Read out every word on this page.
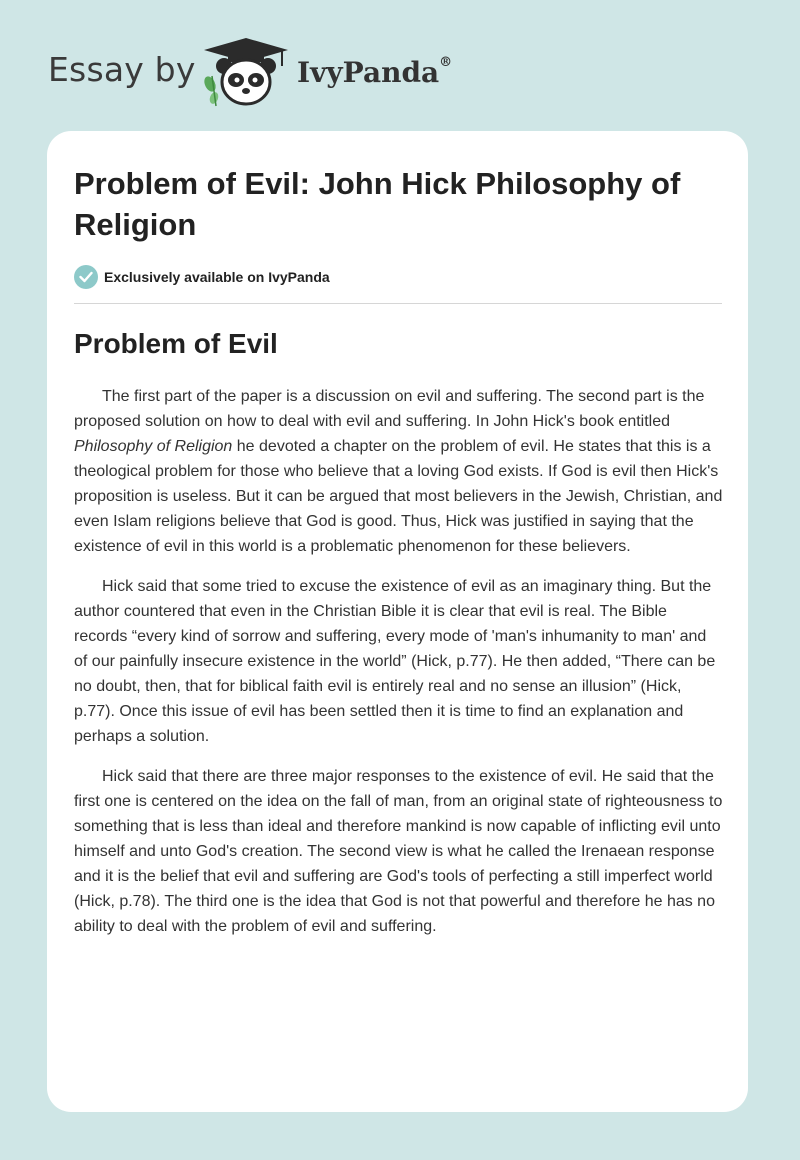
Essay by	IvyPanda®
Problem of Evil: John Hick Philosophy of Religion
Exclusively available on IvyPanda
Problem of Evil

The first part of the paper is a discussion on evil and suffering. The second part is the proposed solution on how to deal with evil and suffering. In John Hick's book entitled Philosophy of Religion he devoted a chapter on the problem of evil. He states that this is a theological problem for those who believe that a loving God exists. If God is evil then Hick's proposition is useless. But it can be argued that most believers in the Jewish, Christian, and even Islam religions believe that God is good. Thus, Hick was justified in saying that the existence of evil in this world is a problematic phenomenon for these believers.

Hick said that some tried to excuse the existence of evil as an imaginary thing. But the author countered that even in the Christian Bible it is clear that evil is real. The Bible records “every kind of sorrow and suffering, every mode of 'man's inhumanity to man' and of our painfully insecure existence in the world” (Hick, p.77). He then added, “There can be no doubt, then, that for biblical faith evil is entirely real and no sense an illusion” (Hick, p.77). Once this issue of evil has been settled then it is time to find an explanation and perhaps a solution.

Hick said that there are three major responses to the existence of evil. He said that the first one is centered on the idea on the fall of man, from an original state of righteousness to something that is less than ideal and therefore mankind is now capable of inflicting evil unto himself and unto God's creation. The second view is what he called the Irenaean response and it is the belief that evil and suffering are God's tools of perfecting a still imperfect world (Hick, p.78). The third one is the idea that God is not that powerful and therefore he has no ability to deal with the problem of evil and suffering.
